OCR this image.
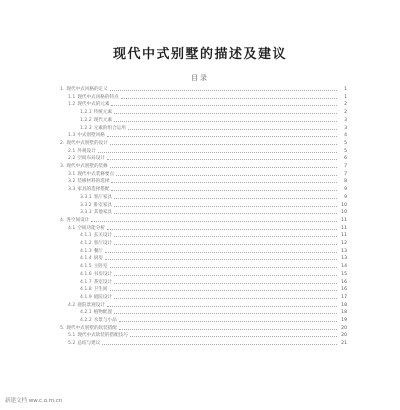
现代中式别墅的描述及建议
目录
1. 现代中式风格的定义	1
1.1 现代中式风格的特点	1
1.2 现代中式的元素	2
1.2.1 传统元素	2
1.2.2 现代元素	3
1.2.3 元素的组合运用	3
1.3 中式别墅风格	4
2. 现代中式别墅的设计	5
2.1 外观设计	5
2.2 空间布局设计	6
3. 现代中式别墅的装修	7
3.1 现代中式装修要点	7
3.2 装修材料的选择	8
3.3 家具的选择搭配	9
3.3.1 客厅家具	9
3.3.2 卧室家具	10
3.3.3 其他家具	10
4. 各空间设计	11
4.1 空间功能分析	11
4.1.1 玄关设计	11
4.1.2 客厅设计	12
4.1.3 餐厅	13
4.1.4 厨房	13
4.1.5 主卧室	14
4.1.6 书房设计	15
4.1.7 茶室设计	16
4.1.8 卫生间	16
4.1.9 庭院设计	17
4.2 庭院景观设计	18
4.2.1 植物配置	18
4.2.2 水景与小品	19
5. 现代中式别墅的软装搭配	20
5.1 现代中式软装的搭配技巧	20
5.2 总结与建议	21
新建文档 ww.c.o.m.cn
